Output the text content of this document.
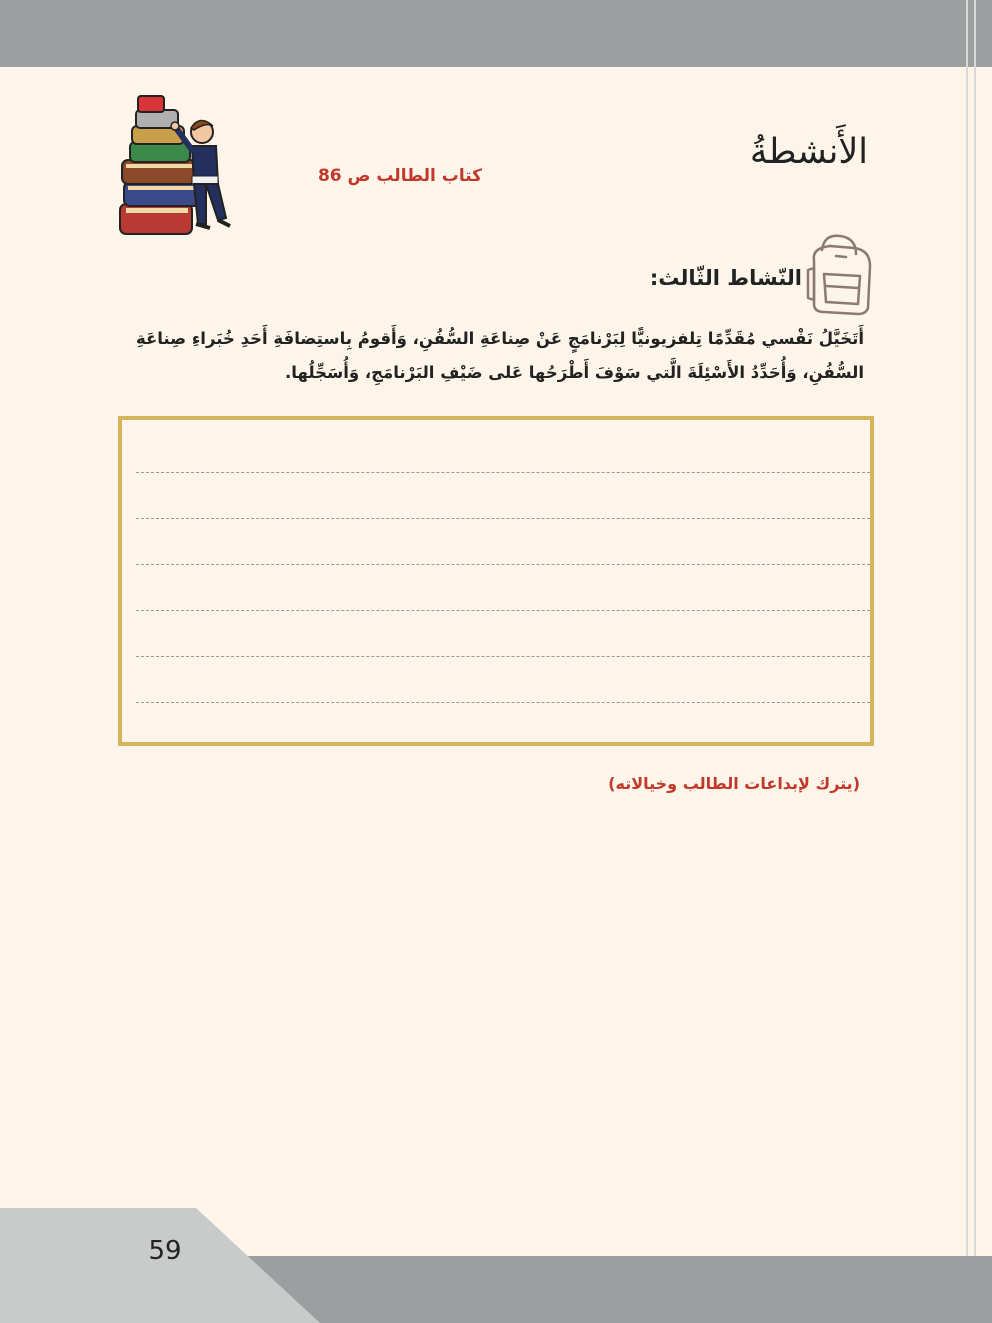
الأَنشطةُ
كتاب الطالب ص 86
النّشاط الثّالث:

أَتَخَيَّلُ نَفْسي مُقَدِّمًا تِلفزيونيًّا لِبَرْنامَجٍ عَنْ صِناعَةِ السُّفُنِ، وَأَقومُ بِاستِضافَةِ أَحَدِ خُبَراءِ صِناعَةِ السُّفُنِ، وَأُحَدِّدُ الأَسْئِلَةَ الَّتي سَوْفَ أَطْرَحُها عَلى ضَيْفِ البَرْنامَجِ، وَأُسَجِّلُها.

(يترك لإبداعات الطالب وخيالاته)
59
